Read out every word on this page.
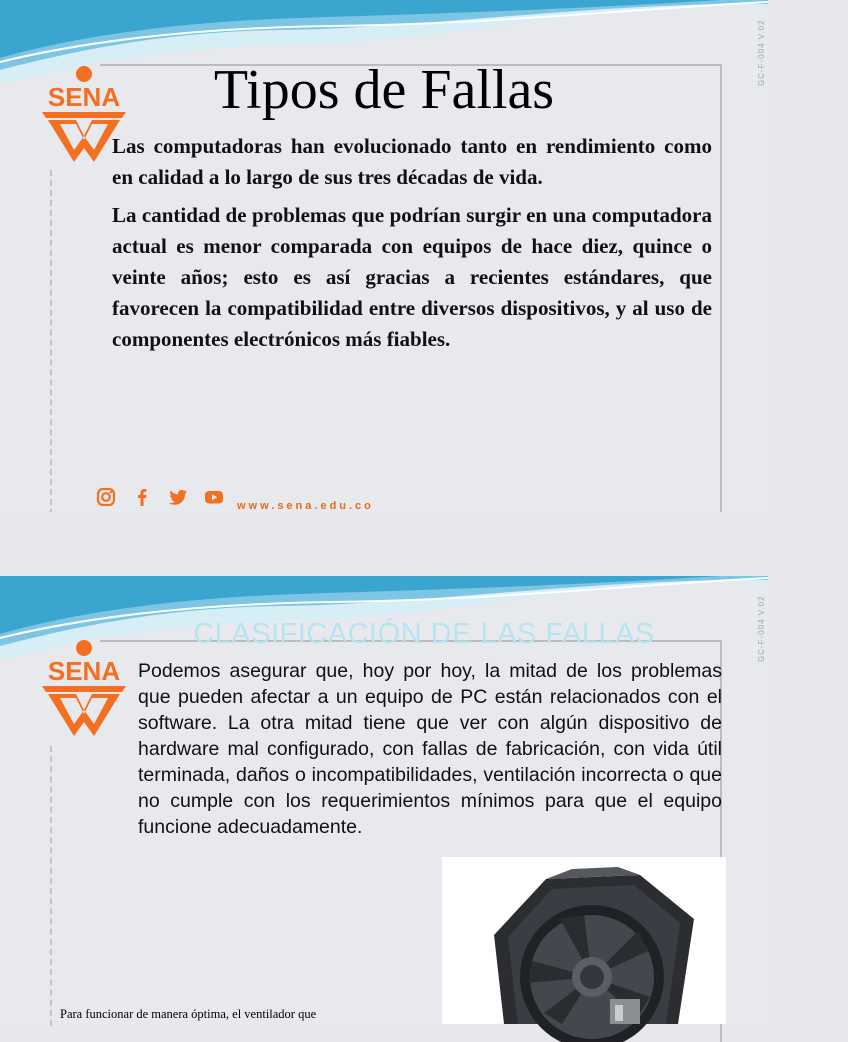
SENA
GC-F-004 V.02
Tipos de Fallas

Las computadoras han evolucionado tanto en rendimiento como en calidad a lo largo de sus tres décadas de vida.

La cantidad de problemas que podrían surgir en una computadora actual es menor comparada con equipos de hace diez, quince o veinte años; esto es así gracias a recientes estándares, que favorecen la compatibilidad entre diversos dispositivos, y al uso de componentes electrónicos más fiables.

www.sena.edu.co
SENA
GC-F-004 V.02
CLASIFICACIÓN DE LAS FALLAS
Podemos asegurar que, hoy por hoy, la mitad de los problemas que pueden afectar a un equipo de PC están relacionados con el software. La otra mitad tiene que ver con algún dispositivo de hardware mal configurado, con fallas de fabricación, con vida útil terminada, daños o incompatibilidades, ventilación incorrecta o que no cumple con los requerimientos mínimos para que el equipo funcione adecuadamente.
Para funcionar de manera óptima, el ventilador que
